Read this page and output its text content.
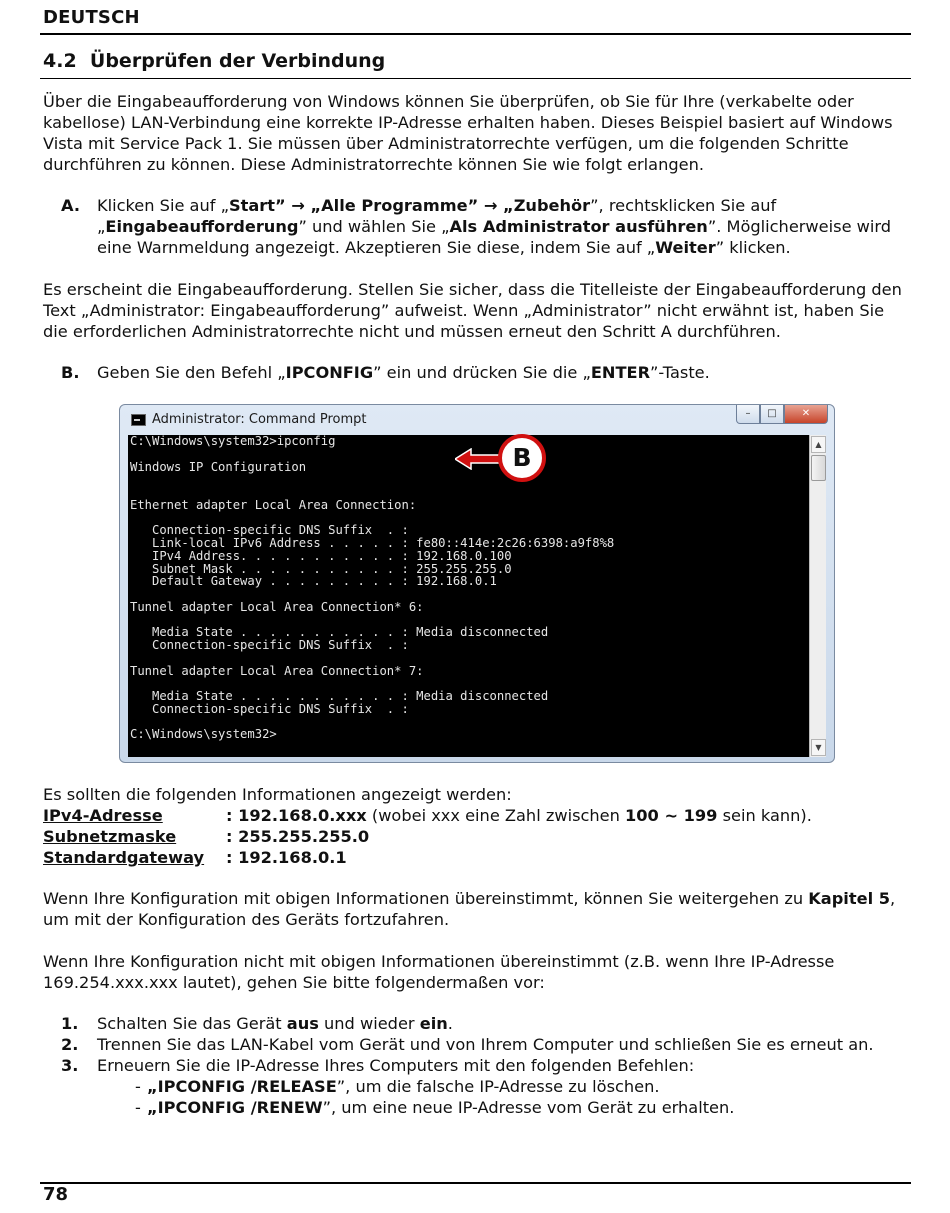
DEUTSCH
4.2 Überprüfen der Verbindung
Über die Eingabeaufforderung von Windows können Sie überprüfen, ob Sie für Ihre (verkabelte oder kabellose) LAN-Verbindung eine korrekte IP-Adresse erhalten haben. Dieses Beispiel basiert auf Windows Vista mit Service Pack 1. Sie müssen über Administratorrechte verfügen, um die folgenden Schritte durchführen zu können. Diese Administratorrechte können Sie wie folgt erlangen.
A. Klicken Sie auf „Start” → „Alle Programme” → „Zubehör”, rechtsklicken Sie auf „Eingabeaufforderung” und wählen Sie „Als Administrator ausführen”. Möglicherweise wird eine Warnmeldung angezeigt. Akzeptieren Sie diese, indem Sie auf „Weiter” klicken.
Es erscheint die Eingabeaufforderung. Stellen Sie sicher, dass die Titelleiste der Eingabeaufforderung den Text „Administrator: Eingabeaufforderung” aufweist. Wenn „Administrator” nicht erwähnt ist, haben Sie die erforderlichen Administratorrechte nicht und müssen erneut den Schritt A durchführen.
B. Geben Sie den Befehl „IPCONFIG” ein und drücken Sie die „ENTER”-Taste.
Administrator: Command Prompt	–	□	✕
C:\Windows\system32>ipconfig

Windows IP Configuration

Ethernet adapter Local Area Connection:

Connection-specific DNS Suffix  . :
Link-local IPv6 Address . . . . . : fe80::414e:2c26:6398:a9f8%8
IPv4 Address. . . . . . . . . . . : 192.168.0.100
Subnet Mask . . . . . . . . . . . : 255.255.255.0
Default Gateway . . . . . . . . . : 192.168.0.1

Tunnel adapter Local Area Connection* 6:

Media State . . . . . . . . . . . : Media disconnected
Connection-specific DNS Suffix  . :

Tunnel adapter Local Area Connection* 7:

Media State . . . . . . . . . . . : Media disconnected
Connection-specific DNS Suffix  . :

C:\Windows\system32>
▲
▼
B
Es sollten die folgenden Informationen angezeigt werden:
IPv4-Adresse	: 192.168.0.xxx (wobei xxx eine Zahl zwischen 100 ~ 199 sein kann).
Subnetzmaske	: 255.255.255.0
Standardgateway : 192.168.0.1
Wenn Ihre Konfiguration mit obigen Informationen übereinstimmt, können Sie weitergehen zu Kapitel 5, um mit der Konfiguration des Geräts fortzufahren.
Wenn Ihre Konfiguration nicht mit obigen Informationen übereinstimmt (z.B. wenn Ihre IP-Adresse 169.254.xxx.xxx lautet), gehen Sie bitte folgendermaßen vor:
1. Schalten Sie das Gerät aus und wieder ein.
2. Trennen Sie das LAN-Kabel vom Gerät und von Ihrem Computer und schließen Sie es erneut an.
3. Erneuern Sie die IP-Adresse Ihres Computers mit den folgenden Befehlen:
- „IPCONFIG /RELEASE”, um die falsche IP-Adresse zu löschen.
- „IPCONFIG /RENEW”, um eine neue IP-Adresse vom Gerät zu erhalten.
78
